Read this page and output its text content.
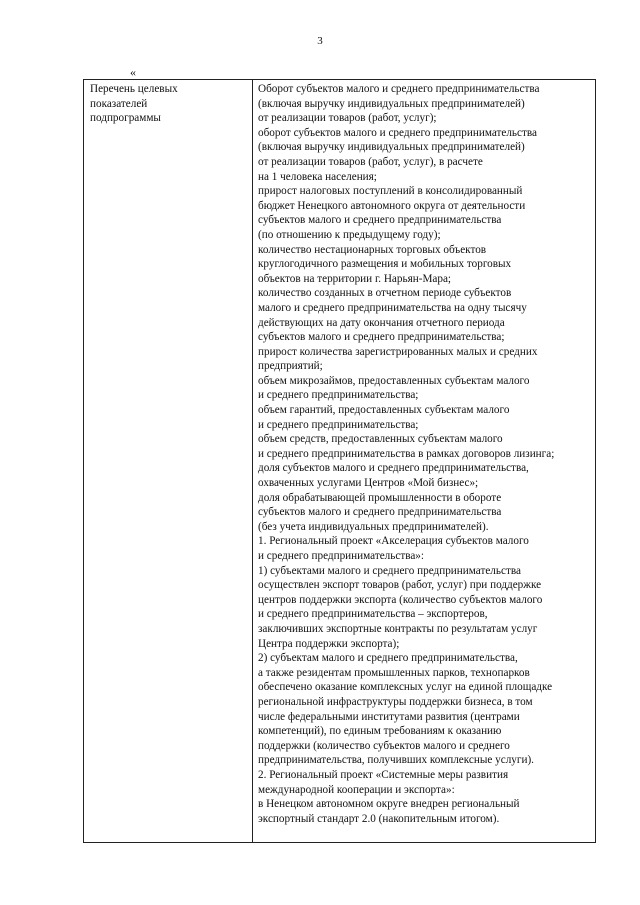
3
«
Перечень целевых
показателей
подпрограммы
Оборот субъектов малого и среднего предпринимательства
(включая выручку индивидуальных предпринимателей)
от реализации товаров (работ, услуг);
оборот субъектов малого и среднего предпринимательства
(включая выручку индивидуальных предпринимателей)
от реализации товаров (работ, услуг), в расчете
на 1 человека населения;
прирост налоговых поступлений в консолидированный
бюджет Ненецкого автономного округа от деятельности
субъектов малого и среднего предпринимательства
(по отношению к предыдущему году);
количество нестационарных торговых объектов
круглогодичного размещения и мобильных торговых
объектов на территории г. Нарьян-Мара;
количество созданных в отчетном периоде субъектов
малого и среднего предпринимательства на одну тысячу
действующих на дату окончания отчетного периода
субъектов малого и среднего предпринимательства;
прирост количества зарегистрированных малых и средних
предприятий;
объем микрозаймов, предоставленных субъектам малого
и среднего предпринимательства;
объем гарантий, предоставленных субъектам малого
и среднего предпринимательства;
объем средств, предоставленных субъектам малого
и среднего предпринимательства в рамках договоров лизинга;
доля субъектов малого и среднего предпринимательства,
охваченных услугами Центров «Мой бизнес»;
доля обрабатывающей промышленности в обороте
субъектов малого и среднего предпринимательства
(без учета индивидуальных предпринимателей).
1. Региональный проект «Акселерация субъектов малого
и среднего предпринимательства»:
1) субъектами малого и среднего предпринимательства
осуществлен экспорт товаров (работ, услуг) при поддержке
центров поддержки экспорта (количество субъектов малого
и среднего предпринимательства – экспортеров,
заключивших экспортные контракты по результатам услуг
Центра поддержки экспорта);
2) субъектам малого и среднего предпринимательства,
а также резидентам промышленных парков, технопарков
обеспечено оказание комплексных услуг на единой площадке
региональной инфраструктуры поддержки бизнеса, в том
числе федеральными институтами развития (центрами
компетенций), по единым требованиям к оказанию
поддержки (количество субъектов малого и среднего
предпринимательства, получивших комплексные услуги).
2. Региональный проект «Системные меры развития
международной кооперации и экспорта»:
в Ненецком автономном округе внедрен региональный
экспортный стандарт 2.0 (накопительным итогом).
